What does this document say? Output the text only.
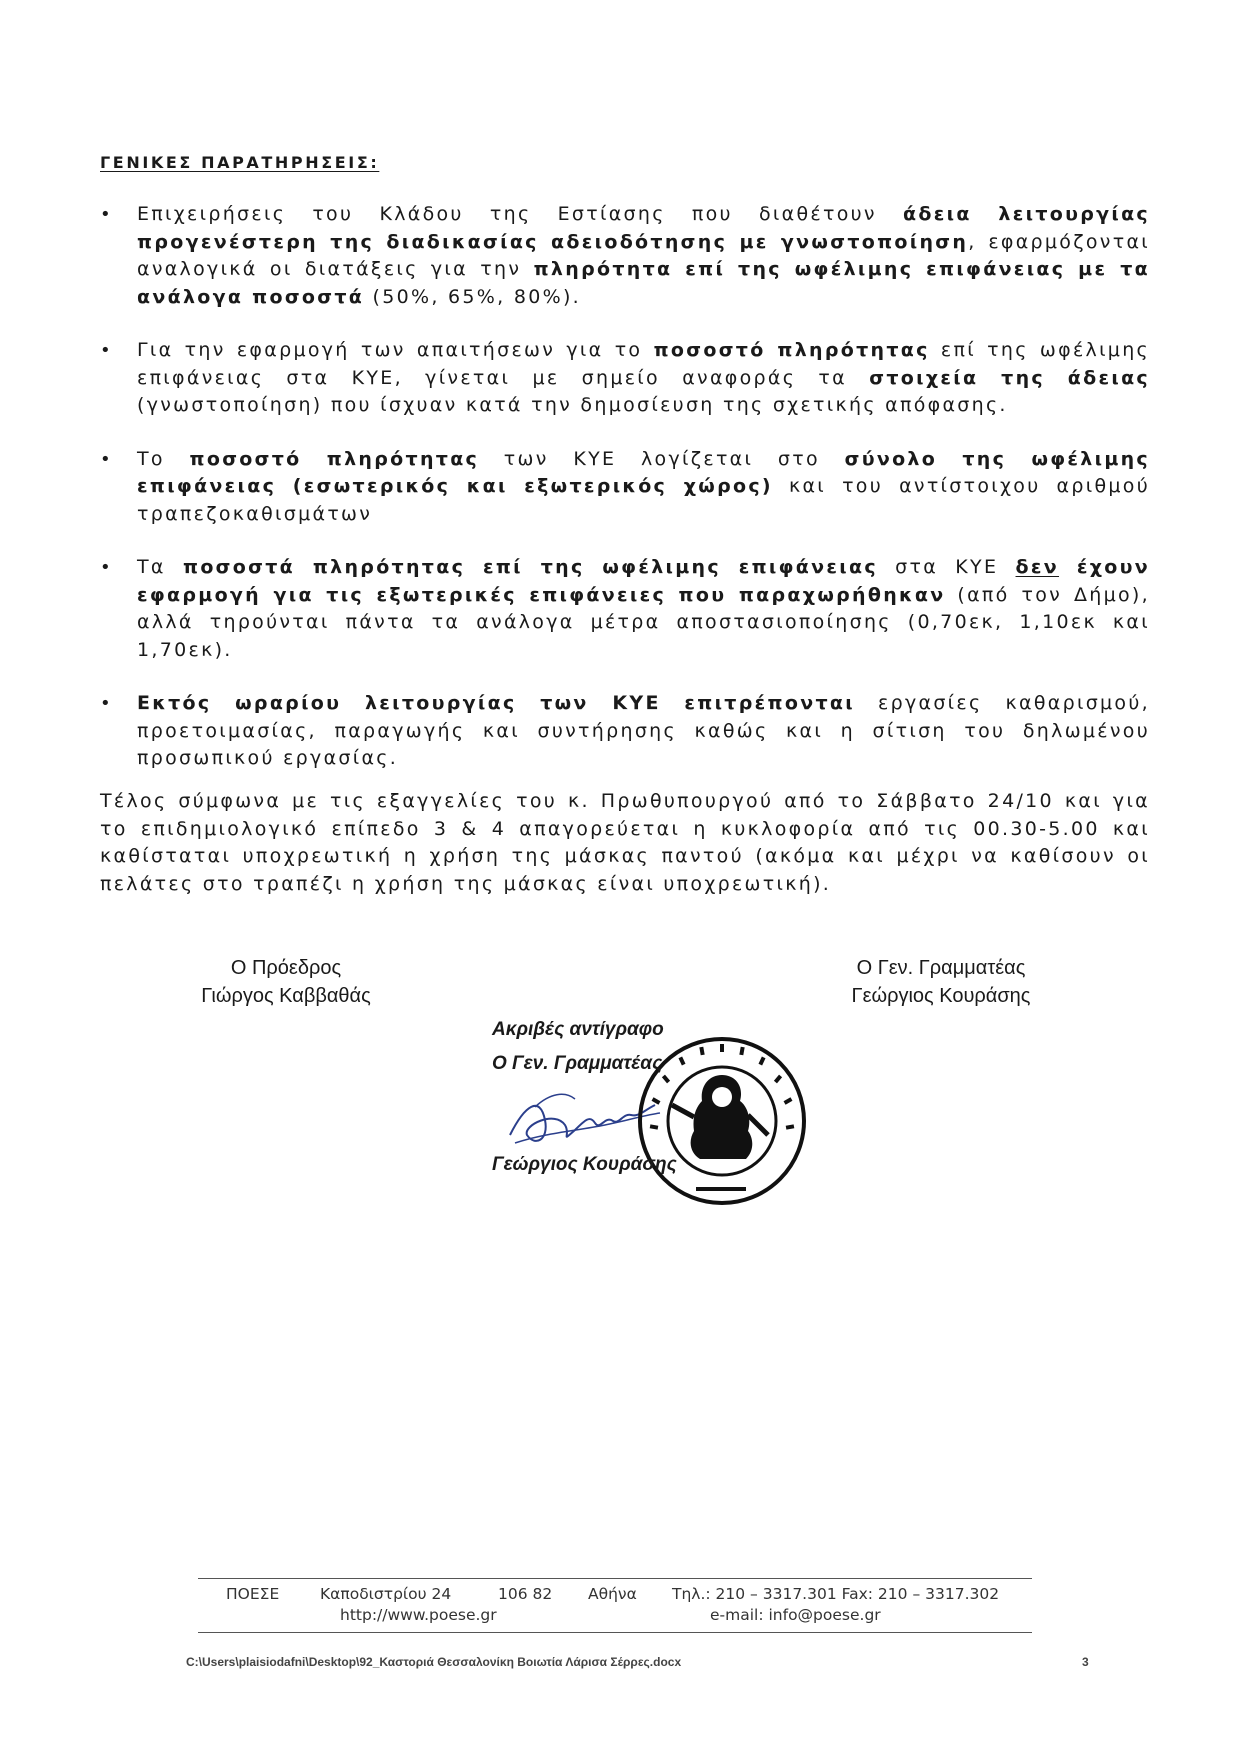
ΓΕΝΙΚΕΣ ΠΑΡΑΤΗΡΗΣΕΙΣ:
• Επιχειρήσεις του Κλάδου της Εστίασης που διαθέτουν άδεια λειτουργίας προγενέστερη της διαδικασίας αδειοδότησης με γνωστοποίηση, εφαρμόζονται αναλογικά οι διατάξεις για την πληρότητα επί της ωφέλιμης επιφάνειας με τα ανάλογα ποσοστά (50%, 65%, 80%).
• Για την εφαρμογή των απαιτήσεων για το ποσοστό πληρότητας επί της ωφέλιμης επιφάνειας στα ΚΥΕ, γίνεται με σημείο αναφοράς τα στοιχεία της άδειας (γνωστοποίηση) που ίσχυαν κατά την δημοσίευση της σχετικής απόφασης.
• Το ποσοστό πληρότητας των ΚΥΕ λογίζεται στο σύνολο της ωφέλιμης επιφάνειας (εσωτερικός και εξωτερικός χώρος) και του αντίστοιχου αριθμού τραπεζοκαθισμάτων
• Τα ποσοστά πληρότητας επί της ωφέλιμης επιφάνειας στα ΚΥΕ δεν έχουν εφαρμογή για τις εξωτερικές επιφάνειες που παραχωρήθηκαν (από τον Δήμο), αλλά τηρούνται πάντα τα ανάλογα μέτρα αποστασιοποίησης (0,70εκ, 1,10εκ και 1,70εκ).
• Εκτός ωραρίου λειτουργίας των ΚΥΕ επιτρέπονται εργασίες καθαρισμού, προετοιμασίας, παραγωγής και συντήρησης καθώς και η σίτιση του δηλωμένου προσωπικού εργασίας.

Τέλος σύμφωνα με τις εξαγγελίες του κ. Πρωθυπουργού από το Σάββατο 24/10 και για το επιδημιολογικό επίπεδο 3 & 4 απαγορεύεται η κυκλοφορία από τις 00.30-5.00 και καθίσταται υποχρεωτική η χρήση της μάσκας παντού (ακόμα και μέχρι να καθίσουν οι πελάτες στο τραπέζι η χρήση της μάσκας είναι υποχρεωτική).

Ο Πρόεδρος
Γιώργος Καββαθάς
Ο Γεν. Γραμματέας
Γεώργιος Κουράσης
Ακριβές αντίγραφο
Ο Γεν. Γραμματέας
Γεώργιος Κουράσης
ΠΟΕΣΕ	Καποδιστρίου 24	106 82 Αθήνα Τηλ.: 210 – 3317.301 Fax: 210 – 3317.302
http://www.poese.gr	e-mail: info@poese.gr
C:\Users\plaisiodafni\Desktop\92_Καστοριά Θεσσαλονίκη Βοιωτία Λάρισα Σέρρες.docx	3
